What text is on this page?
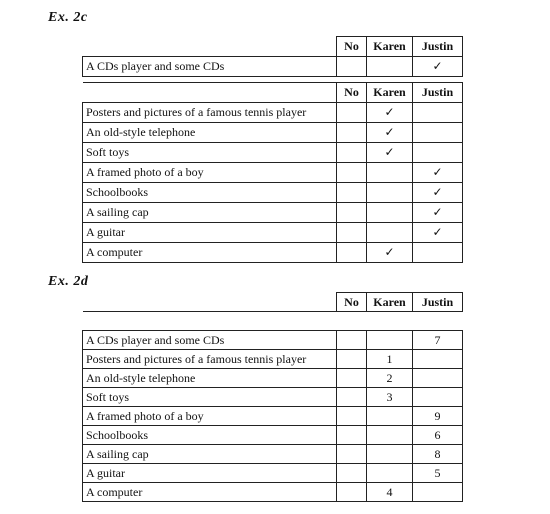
Ex. 2c
	No	Karen	Justin
A CDs player and some CDs			✓

	No	Karen	Justin
Posters and pictures of a famous tennis player		✓	
An old-style telephone		✓	
Soft toys		✓	
A framed photo of a boy			✓
Schoolbooks			✓
A sailing cap			✓
A guitar			✓
A computer		✓	
Ex. 2d
	No	Karen	Justin

A CDs player and some CDs			7
Posters and pictures of a famous tennis player		1	
An old-style telephone		2	
Soft toys		3	
A framed photo of a boy			9
Schoolbooks			6
A sailing cap			8
A guitar			5
A computer		4	
